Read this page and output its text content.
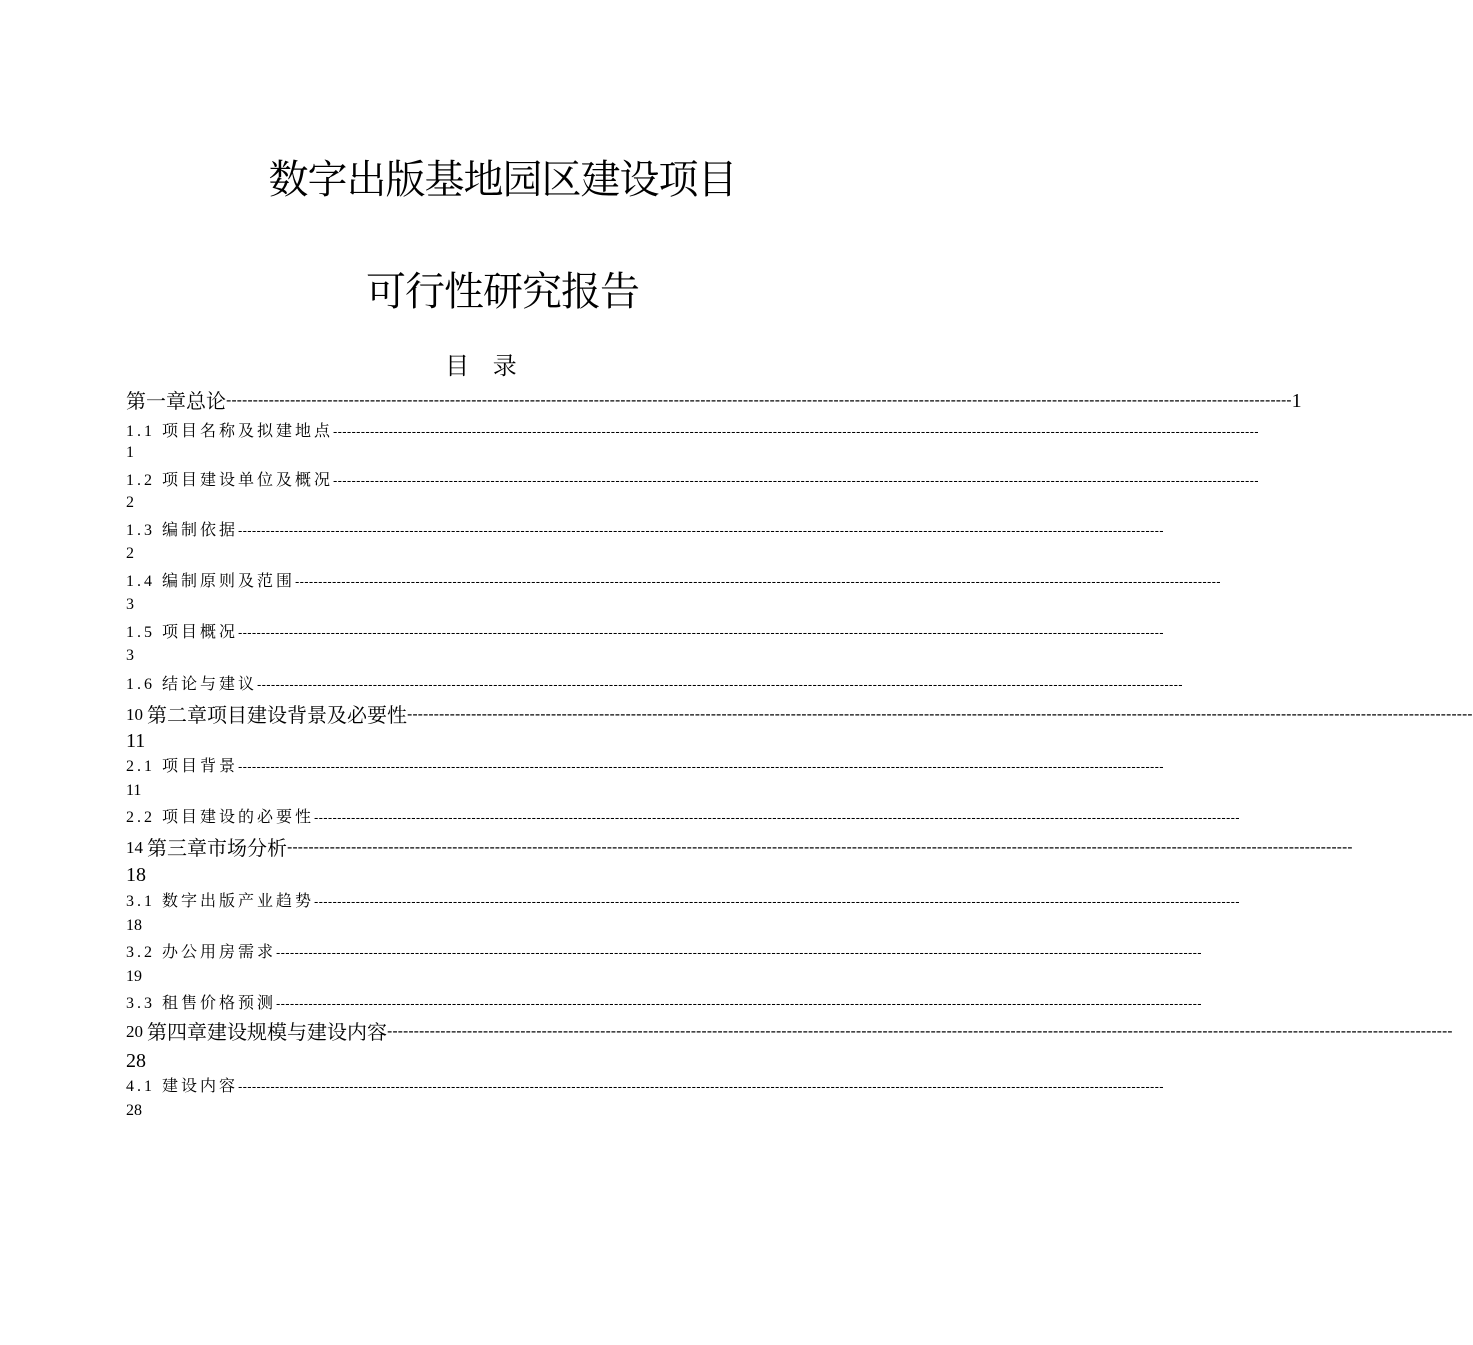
数字出版基地园区建设项目
可行性研究报告
目 录
第一章总论 -------------------------------------------------------------------------------------------------------------------------------------------------------------------------------------------------------- 1
1.1 项目名称及拟建地点 --------------------------------------------------------------------------------------------------------------------------------------------------------------------------------------------------------
1
1.2 项目建设单位及概况 --------------------------------------------------------------------------------------------------------------------------------------------------------------------------------------------------------
2
1.3 编制依据 --------------------------------------------------------------------------------------------------------------------------------------------------------------------------------------------------------
2
1.4 编制原则及范围 --------------------------------------------------------------------------------------------------------------------------------------------------------------------------------------------------------
3
1.5 项目概况 --------------------------------------------------------------------------------------------------------------------------------------------------------------------------------------------------------
3
1.6 结论与建议 --------------------------------------------------------------------------------------------------------------------------------------------------------------------------------------------------------
10 第二章项目建设背景及必要性 --------------------------------------------------------------------------------------------------------------------------------------------------------------------------------------------------------
11
2.1 项目背景 --------------------------------------------------------------------------------------------------------------------------------------------------------------------------------------------------------
11
2.2 项目建设的必要性 --------------------------------------------------------------------------------------------------------------------------------------------------------------------------------------------------------
14 第三章市场分析 --------------------------------------------------------------------------------------------------------------------------------------------------------------------------------------------------------
18
3.1 数字出版产业趋势 --------------------------------------------------------------------------------------------------------------------------------------------------------------------------------------------------------
18
3.2 办公用房需求 --------------------------------------------------------------------------------------------------------------------------------------------------------------------------------------------------------
19
3.3 租售价格预测 --------------------------------------------------------------------------------------------------------------------------------------------------------------------------------------------------------
20 第四章建设规模与建设内容 --------------------------------------------------------------------------------------------------------------------------------------------------------------------------------------------------------
28
4.1 建设内容 --------------------------------------------------------------------------------------------------------------------------------------------------------------------------------------------------------
28
